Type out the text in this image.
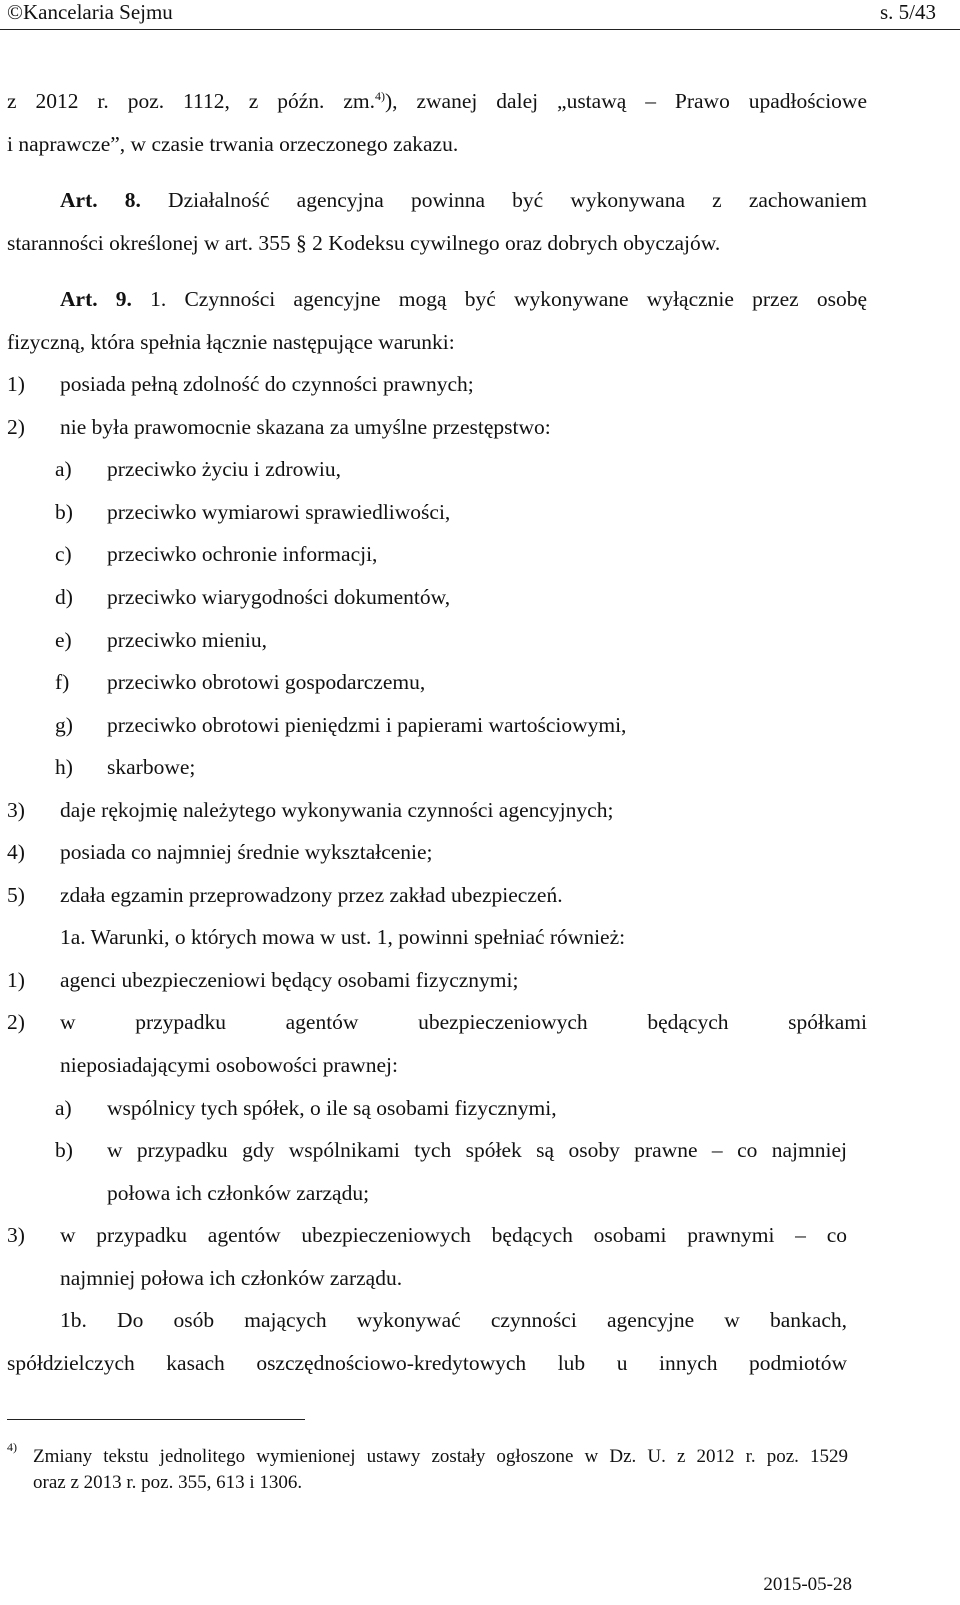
©Kancelaria Sejmu	s. 5/43
z 2012 r. poz. 1112, z późn. zm.$^{4)}$), zwanej dalej „ustawą – Prawo upadłościowe
i naprawcze”, w czasie trwania orzeczonego zakazu.
Art. 8. Działalność agencyjna powinna być wykonywana z zachowaniem
staranności określonej w art. 355 § 2 Kodeksu cywilnego oraz dobrych obyczajów.
Art. 9. 1. Czynności agencyjne mogą być wykonywane wyłącznie przez osobę
fizyczną, która spełnia łącznie następujące warunki:
1) posiada pełną zdolność do czynności prawnych;
2) nie była prawomocnie skazana za umyślne przestępstwo:
a) przeciwko życiu i zdrowiu,
b) przeciwko wymiarowi sprawiedliwości,
c) przeciwko ochronie informacji,
d) przeciwko wiarygodności dokumentów,
e) przeciwko mieniu,
f) przeciwko obrotowi gospodarczemu,
g) przeciwko obrotowi pieniędzmi i papierami wartościowymi,
h) skarbowe;
3) daje rękojmię należytego wykonywania czynności agencyjnych;
4) posiada co najmniej średnie wykształcenie;
5) zdała egzamin przeprowadzony przez zakład ubezpieczeń.
1a. Warunki, o których mowa w ust. 1, powinni spełniać również:
1) agenci ubezpieczeniowi będący osobami fizycznymi;
2) w przypadku agentów ubezpieczeniowych będących spółkami
nieposiadającymi osobowości prawnej:
a) wspólnicy tych spółek, o ile są osobami fizycznymi,
b) w przypadku gdy wspólnikami tych spółek są osoby prawne – co najmniej
połowa ich członków zarządu;
3) w przypadku agentów ubezpieczeniowych będących osobami prawnymi – co
najmniej połowa ich członków zarządu.
1b. Do osób mających wykonywać czynności agencyjne w bankach,
spółdzielczych kasach oszczędnościowo-kredytowych lub u innych podmiotów
4) Zmiany tekstu jednolitego wymienionej ustawy zostały ogłoszone w Dz. U. z 2012 r. poz. 1529
oraz z 2013 r. poz. 355, 613 i 1306.
2015-05-28
